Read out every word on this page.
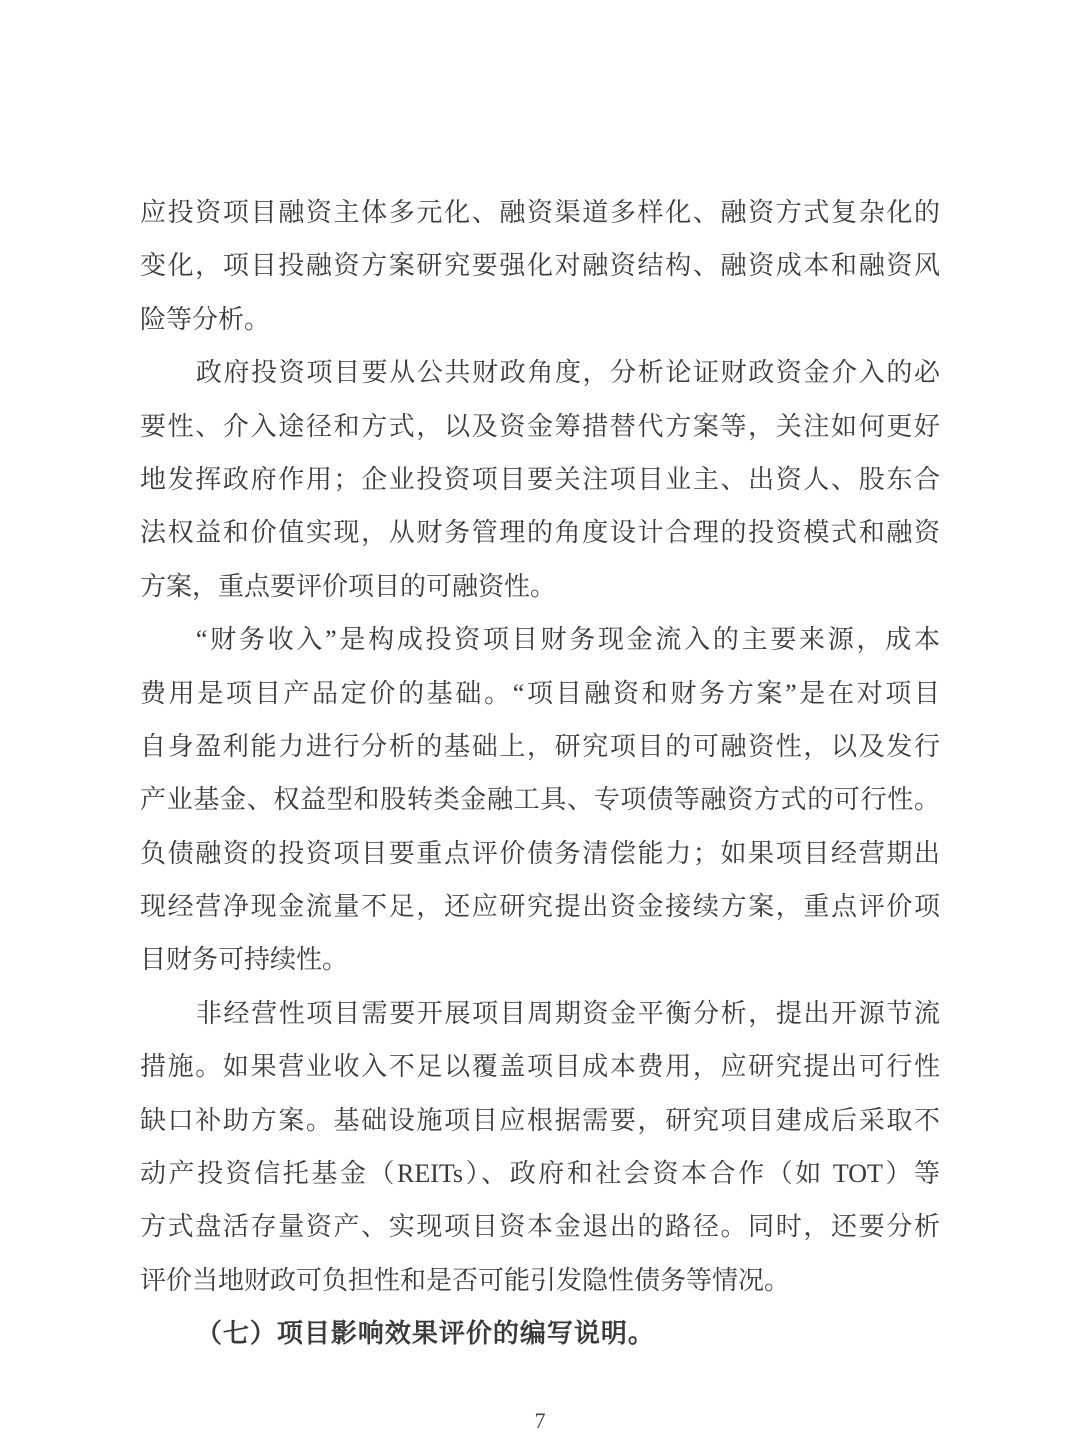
应投资项目融资主体多元化、融资渠道多样化、融资方式复杂化的
变化，项目投融资方案研究要强化对融资结构、融资成本和融资风
险等分析。
政府投资项目要从公共财政角度，分析论证财政资金介入的必
要性、介入途径和方式，以及资金筹措替代方案等，关注如何更好
地发挥政府作用；企业投资项目要关注项目业主、出资人、股东合
法权益和价值实现，从财务管理的角度设计合理的投资模式和融资
方案，重点要评价项目的可融资性。
“财务收入”是构成投资项目财务现金流入的主要来源，成本
费用是项目产品定价的基础。“项目融资和财务方案”是在对项目
自身盈利能力进行分析的基础上，研究项目的可融资性，以及发行
产业基金、权益型和股转类金融工具、专项债等融资方式的可行性。
负债融资的投资项目要重点评价债务清偿能力；如果项目经营期出
现经营净现金流量不足，还应研究提出资金接续方案，重点评价项
目财务可持续性。
非经营性项目需要开展项目周期资金平衡分析，提出开源节流
措施。如果营业收入不足以覆盖项目成本费用，应研究提出可行性
缺口补助方案。基础设施项目应根据需要，研究项目建成后采取不
动产投资信托基金（REITs）、政府和社会资本合作（如 TOT）等
方式盘活存量资产、实现项目资本金退出的路径。同时，还要分析
评价当地财政可负担性和是否可能引发隐性债务等情况。
（七）项目影响效果评价的编写说明。
7
